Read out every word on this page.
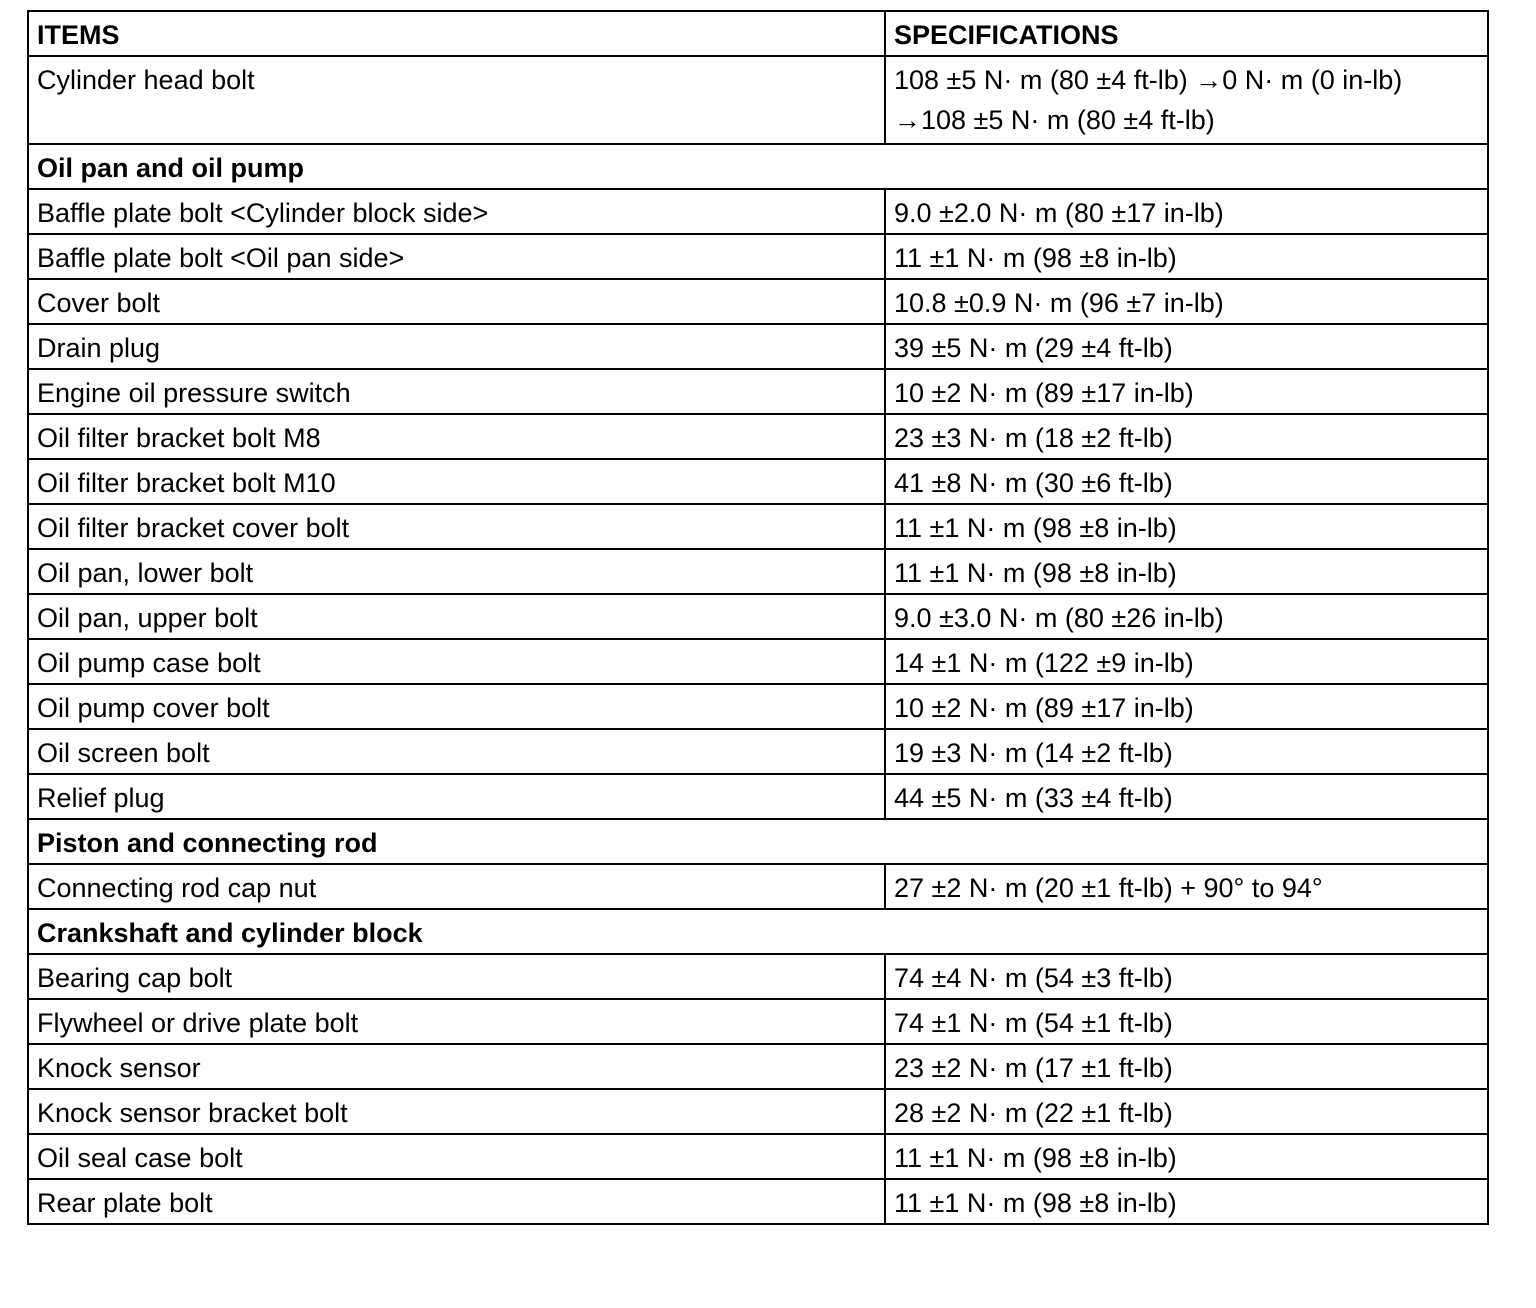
ITEMS	SPECIFICATIONS
Cylinder head bolt	108 ±5 N· m (80 ±4 ft-lb) →0 N· m (0 in-lb)
→108 ±5 N· m (80 ±4 ft-lb)
Oil pan and oil pump	
Baffle plate bolt <Cylinder block side>	9.0 ±2.0 N· m (80 ±17 in-lb)
Baffle plate bolt <Oil pan side>	11 ±1 N· m (98 ±8 in-lb)
Cover bolt	10.8 ±0.9 N· m (96 ±7 in-lb)
Drain plug	39 ±5 N· m (29 ±4 ft-lb)
Engine oil pressure switch	10 ±2 N· m (89 ±17 in-lb)
Oil filter bracket bolt M8	23 ±3 N· m (18 ±2 ft-lb)
Oil filter bracket bolt M10	41 ±8 N· m (30 ±6 ft-lb)
Oil filter bracket cover bolt	11 ±1 N· m (98 ±8 in-lb)
Oil pan, lower bolt	11 ±1 N· m (98 ±8 in-lb)
Oil pan, upper bolt	9.0 ±3.0 N· m (80 ±26 in-lb)
Oil pump case bolt	14 ±1 N· m (122 ±9 in-lb)
Oil pump cover bolt	10 ±2 N· m (89 ±17 in-lb)
Oil screen bolt	19 ±3 N· m (14 ±2 ft-lb)
Relief plug	44 ±5 N· m (33 ±4 ft-lb)
Piston and connecting rod	
Connecting rod cap nut	27 ±2 N· m (20 ±1 ft-lb) + 90° to 94°
Crankshaft and cylinder block	
Bearing cap bolt	74 ±4 N· m (54 ±3 ft-lb)
Flywheel or drive plate bolt	74 ±1 N· m (54 ±1 ft-lb)
Knock sensor	23 ±2 N· m (17 ±1 ft-lb)
Knock sensor bracket bolt	28 ±2 N· m (22 ±1 ft-lb)
Oil seal case bolt	11 ±1 N· m (98 ±8 in-lb)
Rear plate bolt	11 ±1 N· m (98 ±8 in-lb)
